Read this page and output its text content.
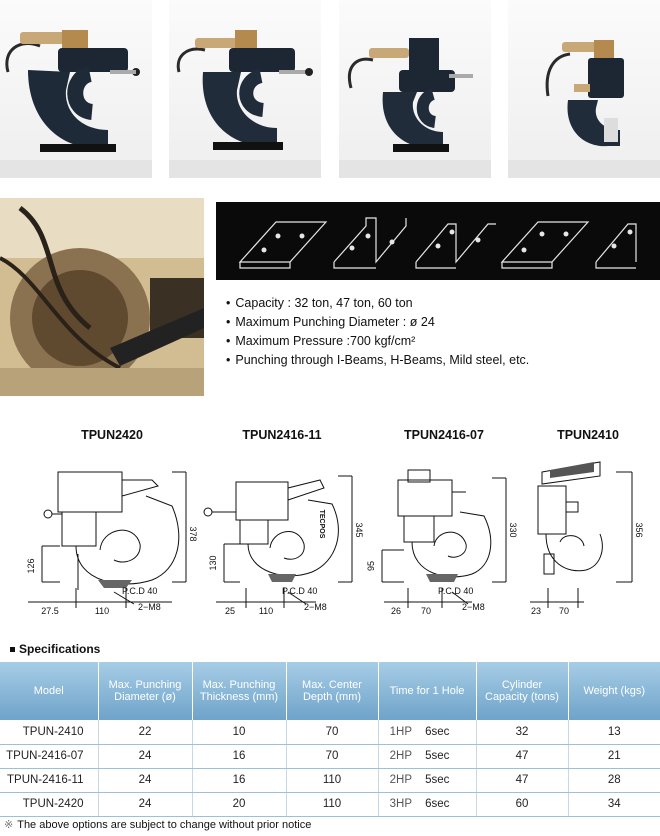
• Capacity : 32 ton, 47 ton, 60 ton
• Maximum Punching Diameter : ø 24
• Maximum Pressure :700 kgf/cm²
• Punching through I-Beams, H-Beams, Mild steel, etc.
TPUN2420
378
126
27.5	110
P.C.D 40
2−M8
TPUN2416-11
TECPOS	345
130
25	110
P.C.D 40
2−M8
TPUN2416-07
330
95
26 70
P.C.D 40
2−M8
TPUN2410
356
23 70
Specifications
Model	Max. Punching Diameter (ø)	Max. Punching Thickness (mm)	Max. Center Depth (mm)	Time for 1 Hole		Cylinder Capacity (tons)	Weight (kgs)
TPUN-2410	22	10	70	1HP	6sec	32	13
TPUN-2416-07	24	16	70	2HP	5sec	47	21
TPUN-2416-11	24	16	110	2HP	5sec	47	28
TPUN-2420	24	20	110	3HP	6sec	60	34
※ The above options are subject to change without prior notice
